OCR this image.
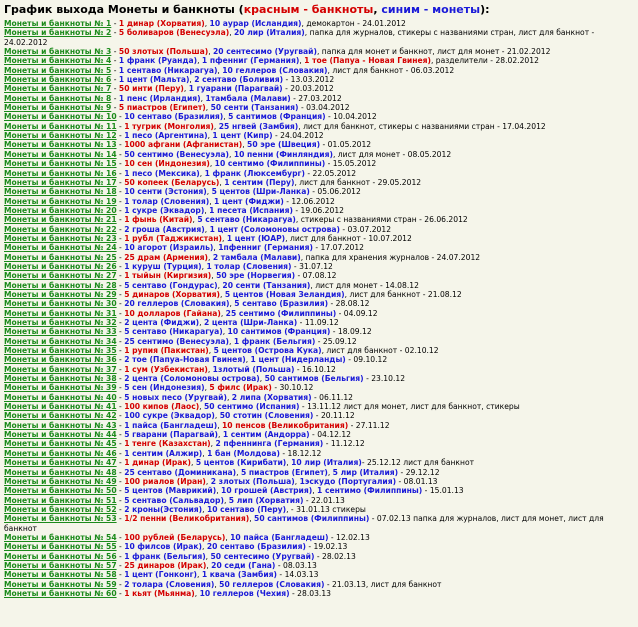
График выхода Монеты и банкноты (красным - банкноты, синим - монеты):
Монеты и банкноты № 1 - 1 динар (Хорватия), 10 аурар (Исландия), демокартон - 24.01.2012
Монеты и банкноты № 2 - 5 боливаров (Венесуэла), 20 лир (Италия), папка для журналов, стикеры с названиями стран, лист для банкнот - 24.02.2012
Монеты и банкноты № 3 - 50 злотых (Польша), 20 сентесимо (Уругвай), папка для монет и банкнот, лист для монет - 21.02.2012
Монеты и банкноты № 4 - 1 франк (Руанда), 1 пфенниг (Германия), 1 тое (Папуа - Новая Гвинея), разделители - 28.02.2012
Монеты и банкноты № 5 - 1 сентаво (Никарагуа), 10 геллеров (Словакия), лист для банкнот - 06.03.2012
Монеты и банкноты № 6 - 1 цент (Мальта), 2 сентаво (Боливия) - 13.03.2012
Монеты и банкноты № 7 - 50 инти (Перу), 1 гуарани (Парагвай) - 20.03.2012
Монеты и банкноты № 8 - 1 пенс (Ирландия), 1тамбала (Малави) - 27.03.2012
Монеты и банкноты № 9 - 5 пиастров (Египет), 50 сенти (Танзания) - 03.04.2012
Монеты и банкноты № 10 - 10 сентаво (Бразилия), 5 сантимов (Франция) - 10.04.2012
Монеты и банкноты № 11 - 1 тугрик (Монголия), 25 нгвей (Замбия), лист для банкнот, стикеры с названиями стран - 17.04.2012
Монеты и банкноты № 12 - 1 песо (Аргентина), 1 цент (Кипр) - 24.04.2012
Монеты и банкноты № 13 - 1000 афгани (Афганистан), 50 эре (Швеция) - 01.05.2012
Монеты и банкноты № 14 - 50 сентимо (Венесуэла), 10 пенни (Финляндия), лист для монет - 08.05.2012
Монеты и банкноты № 15 - 10 сен (Индонезия), 10 сентимо (Филиппины) - 15.05.2012
Монеты и банкноты № 16 - 1 песо (Мексика), 1 франк (Люксембург) - 22.05.2012
Монеты и банкноты № 17 - 50 копеек (Беларусь), 1 сентим (Перу), лист для банкнот - 29.05.2012
Монеты и банкноты № 18 - 10 сенти (Эстония), 5 центов (Шри-Ланка) - 05.06.2012
Монеты и банкноты № 19 - 1 толар (Словения), 1 цент (Фиджи) - 12.06.2012
Монеты и банкноты № 20 - 1 сукре (Эквадор), 1 песета (Испания) - 19.06.2012
Монеты и банкноты № 21 - 1 фынь (Китай), 5 сентаво (Никарагуа), стикеры с названиями стран - 26.06.2012
Монеты и банкноты № 22 - 2 гроша (Австрия), 1 цент (Соломоновы острова) - 03.07.2012
Монеты и банкноты № 23 - 1 рубл (Таджикистан), 1 цент (ЮАР), лист для банкнот - 10.07.2012
Монеты и банкноты № 24 - 10 агорот (Израиль), 1пфенниг (Германия) - 17.07.2012
Монеты и банкноты № 25 - 25 драм (Армения), 2 тамбала (Малави), папка для хранения журналов - 24.07.2012
Монеты и банкноты № 26 - 1 куруш (Турция), 1 толар (Словения) - 31.07.12
Монеты и банкноты № 27 - 1 тыйын (Киргизия), 50 эре (Норвегия) - 07.08.12
Монеты и банкноты № 28 - 5 сентаво (Гондурас), 20 сенти (Танзания), лист для монет - 14.08.12
Монеты и банкноты № 29 - 5 динаров (Хорватия), 5 центов (Новая Зеландия), лист для банкнот - 21.08.12
Монеты и банкноты № 30 - 20 геллеров (Словакия), 5 сентаво (Бразилия) - 28.08.12
Монеты и банкноты № 31 - 10 долларов (Гайана), 25 сентимо (Филиппины) - 04.09.12
Монеты и банкноты № 32 - 2 цента (Фиджи), 2 цента (Шри-Ланка) - 11.09.12
Монеты и банкноты № 33 - 5 сентаво (Никарагуа), 10 сантимов (Франция) - 18.09.12
Монеты и банкноты № 34 - 25 сентимо (Венесуэла), 1 франк (Бельгия) - 25.09.12
Монеты и банкноты № 35 - 1 рупия (Пакистан), 5 центов (Острова Кука), лист для банкнот - 02.10.12
Монеты и банкноты № 36 - 2 тое (Папуа-Новая Гвинея), 1 цент (Нидерланды) - 09.10.12
Монеты и банкноты № 37 - 1 сум (Узбекистан), 1злотый (Польша) - 16.10.12
Монеты и банкноты № 38 - 2 цента (Соломоновы острова), 50 сантимов (Бельгия) - 23.10.12
Монеты и банкноты № 39 - 5 сен (Индонезия), 5 филс (Ирак) - 30.10.12
Монеты и банкноты № 40 - 5 новых песо (Уругвай), 2 липа (Хорватия) - 06.11.12
Монеты и банкноты № 41 - 100 кипов (Лаос), 50 сентимо (Испания) - 13.11.12 лист для монет, лист для банкнот, стикеры
Монеты и банкноты № 42 - 100 сукре (Эквадор), 50 стотин (Словения) - 20.11.12
Монеты и банкноты № 43 - 1 пайса (Бангладеш), 10 пенсов (Великобритания) - 27.11.12
Монеты и банкноты № 44 - 5 гварани (Парагвай), 1 сентим (Андорра) - 04.12.12
Монеты и банкноты № 45 - 1 тенге (Казахстан), 2 пфеннинга (Германия) - 11.12.12
Монеты и банкноты № 46 - 1 сентим (Алжир), 1 бан (Молдова) - 18.12.12
Монеты и банкноты № 47 - 1 динар (Ирак), 5 центов (Кирибати), 10 лир (Италия)- 25.12.12 лист для банкнот
Монеты и банкноты № 48 - 25 сентаво (Доминикана), 5 пиастров (Египет), 5 лир (Италия) - 29.12.12
Монеты и банкноты № 49 - 100 риалов (Иран), 2 злотых (Польша), 1эскудо (Португалия) - 08.01.13
Монеты и банкноты № 50 - 5 центов (Маврикий), 10 грошей (Австрия), 1 сентимо (Филиппины) - 15.01.13
Монеты и банкноты № 51 - 5 сентаво (Сальвадор), 5 лип (Хорватия) - 22.01.13
Монеты и банкноты № 52 - 2 кроны(Эстония), 10 сентаво (Перу), - 31.01.13 стикеры
Монеты и банкноты № 53 - 1/2 пенни (Великобритания), 50 сантимов (Филиппины) - 07.02.13 папка для журналов, лист для монет, лист для банкнот
Монеты и банкноты № 54 - 100 рублей (Беларусь), 10 пайса (Бангладеш) - 12.02.13
Монеты и банкноты № 55 - 10 филсов (Ирак), 20 сентаво (Бразилия) - 19.02.13
Монеты и банкноты № 56 - 1 франк (Бельгия), 50 сентесимо (Уругвай) - 28.02.13
Монеты и банкноты № 57 - 25 динаров (Ирак), 20 седи (Гана) - 08.03.13
Монеты и банкноты № 58 - 1 цент (Гонконг), 1 квача (Замбия) - 14.03.13
Монеты и банкноты № 59 - 2 толара (Словения), 50 геллеров (Словакия) - 21.03.13, лист для банкнот
Монеты и банкноты № 60 - 1 кьят (Мьянма), 10 геллеров (Чехия) - 28.03.13
